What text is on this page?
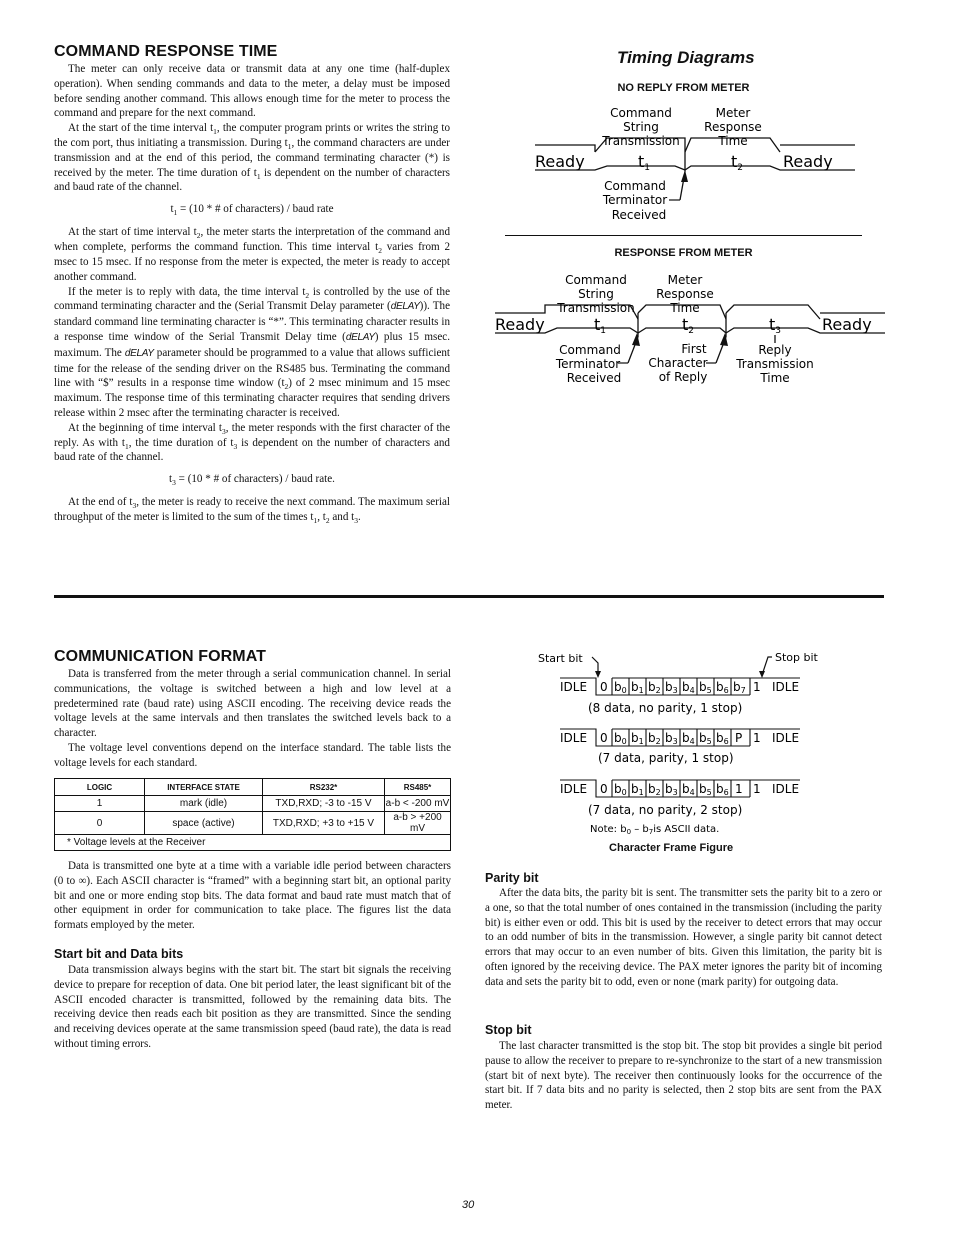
COMMAND RESPONSE TIME

The meter can only receive data or transmit data at any one time (half-duplex operation). When sending commands and data to the meter, a delay must be imposed before sending another command. This allows enough time for the meter to process the command and prepare for the next command.

At the start of the time interval $t_1$, the computer program prints or writes the string to the com port, thus initiating a transmission. During $t_1$, the command characters are under transmission and at the end of this period, the command terminating character (*) is received by the meter. The time duration of $t_1$ is dependent on the number of characters and baud rate of the channel.

$t_1 = (10$ * # of characters) / baud rate

At the start of time interval $t_2$, the meter starts the interpretation of the command and when complete, performs the command function. This time interval $t_2$ varies from 2 msec to 15 msec. If no response from the meter is expected, the meter is ready to accept another command.

If the meter is to reply with data, the time interval $t_2$ is controlled by the use of the command terminating character and the (Serial Transmit Delay parameter (dELAY)). The standard command line terminating character is “*”. This terminating character results in a response time window of the Serial Transmit Delay time (dELAY) plus 15 msec. maximum. The dELAY parameter should be programmed to a value that allows sufficient time for the release of the sending driver on the RS485 bus. Terminating the command line with “$” results in a response time window $(t_2)$ of 2 msec minimum and 15 msec maximum. The response time of this terminating character requires that sending drivers release within 2 msec after the terminating character is received.

At the beginning of time interval $t_3$, the meter responds with the first character of the reply. As with $t_1$, the time duration of $t_3$ is dependent on the number of characters and baud rate of the channel.

$t_3 = (10$ * # of characters) / baud rate.

At the end of $t_3$, the meter is ready to receive the next command. The maximum serial throughput of the meter is limited to the sum of the times $t_1$, $t_2$ and $t_3$.

Timing Diagrams
NO REPLY FROM METER
Ready	t1	t2 Ready
Command
String
Transmission
Meter
Response
Time
Command
Terminator
Received
RESPONSE FROM METER
Ready	t1	t2	t3	Ready
Command
String
Transmission
Meter
Response
Time
Command
Terminator
Received
First
Character
of Reply
Reply
Transmission
Time
COMMUNICATION FORMAT

Data is transferred from the meter through a serial communication channel. In serial communications, the voltage is switched between a high and low level at a predetermined rate (baud rate) using ASCII encoding. The receiving device reads the voltage levels at the same intervals and then translates the switched levels back to a character.

The voltage level conventions depend on the interface standard. The table lists the voltage levels for each standard.

LOGIC	INTERFACE STATE	RS232*	RS485*
1	mark (idle)	TXD,RXD; -3 to -15 V	a-b < -200 mV
0	space (active)	TXD,RXD; +3 to +15 V	a-b > +200 mV
* Voltage levels at the Receiver			

Data is transmitted one byte at a time with a variable idle period between characters (0 to ∞). Each ASCII character is “framed” with a beginning start bit, an optional parity bit and one or more ending stop bits. The data format and baud rate must match that of other equipment in order for communication to take place. The figures list the data formats employed by the meter.

Start bit and Data bits

Data transmission always begins with the start bit. The start bit signals the receiving device to prepare for reception of data. One bit period later, the least significant bit of the ASCII encoded character is transmitted, followed by the remaining data bits. The receiving device then reads each bit position as they are transmitted. Since the sending and receiving devices operate at the same transmission speed (baud rate), the data is read without timing errors.

Start bit	Stop bit
IDLE 0 b0 b1 b2 b3 b4 b5 b6 b7 1 IDLE
(8 data, no parity, 1 stop)
IDLE 0 b0 b1 b2 b3 b4 b5 b6 P 1 IDLE
(7 data, parity, 1 stop)
IDLE 0 b0 b1 b2 b3 b4 b5 b6 1 1 IDLE
(7 data, no parity, 2 stop)
Note: $b_0 - b_7is$ ASCII data.
Character Frame Figure
Parity bit

After the data bits, the parity bit is sent. The transmitter sets the parity bit to a zero or a one, so that the total number of ones contained in the transmission (including the parity bit) is either even or odd. This bit is used by the receiver to detect errors that may occur to an odd number of bits in the transmission. However, a single parity bit cannot detect errors that may occur to an even number of bits. Given this limitation, the parity bit is often ignored by the receiving device. The PAX meter ignores the parity bit of incoming data and sets the parity bit to odd, even or none (mark parity) for outgoing data.

Stop bit

The last character transmitted is the stop bit. The stop bit provides a single bit period pause to allow the receiver to prepare to re-synchronize to the start of a new transmission (start bit of next byte). The receiver then continuously looks for the occurrence of the start bit. If 7 data bits and no parity is selected, then 2 stop bits are sent from the PAX meter.

30
